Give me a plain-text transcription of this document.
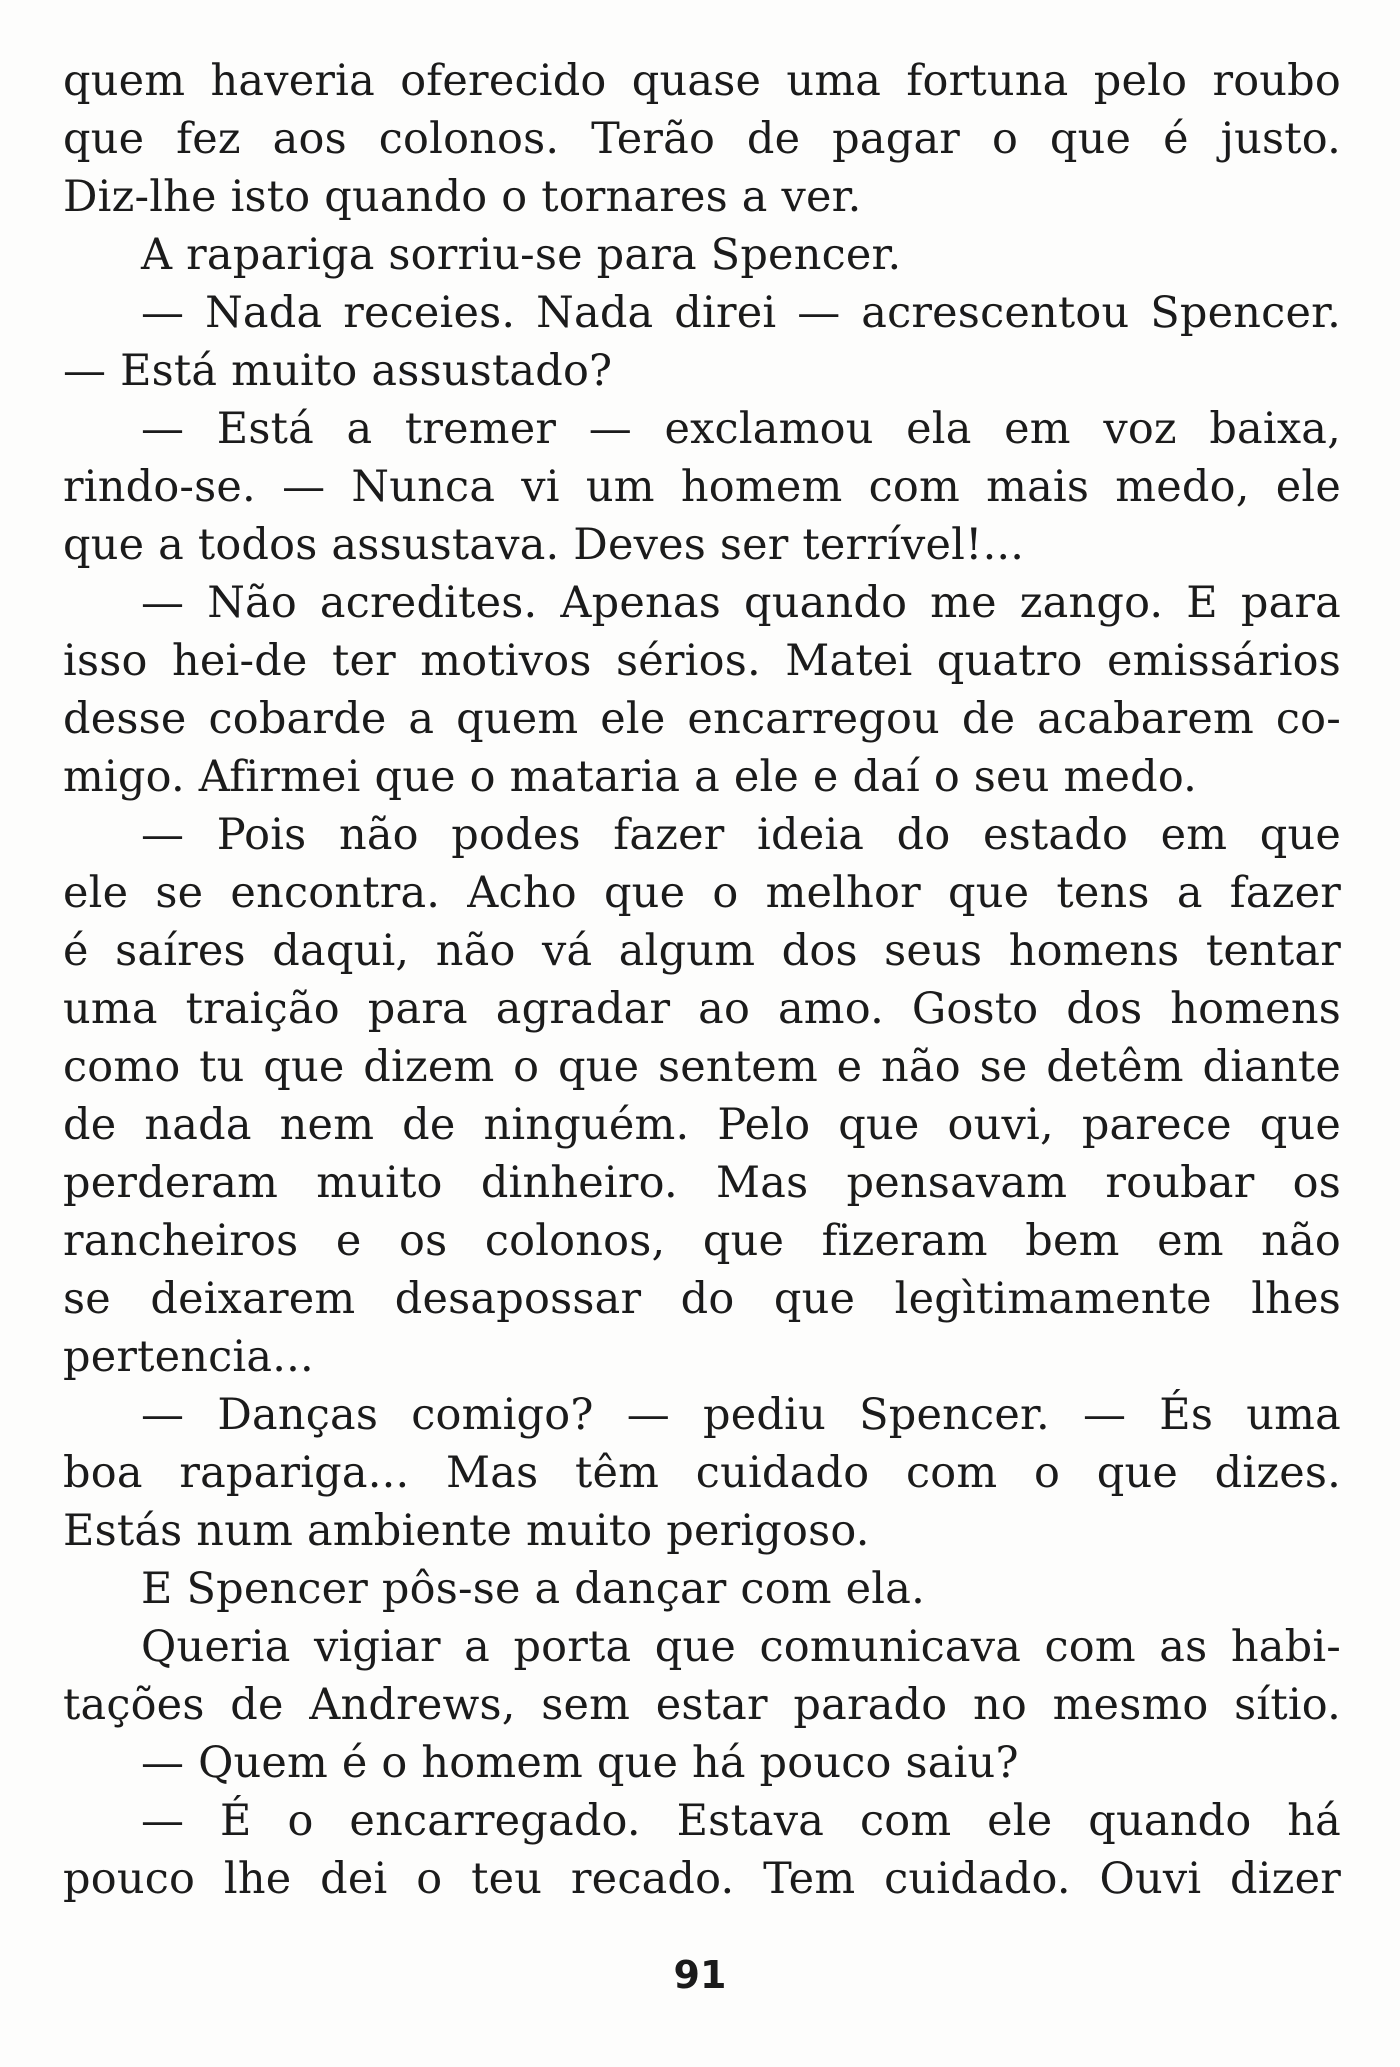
quem haveria oferecido quase uma fortuna pelo roubo
que fez aos colonos. Terão de pagar o que é justo.
Diz-lhe isto quando o tornares a ver.
A rapariga sorriu-se para Spencer.
— Nada receies. Nada direi — acrescentou Spencer.
— Está muito assustado?
— Está a tremer — exclamou ela em voz baixa,
rindo-se. — Nunca vi um homem com mais medo, ele
que a todos assustava. Deves ser terrível!...
— Não acredites. Apenas quando me zango. E para
isso hei-de ter motivos sérios. Matei quatro emissários
desse cobarde a quem ele encarregou de acabarem co-
migo. Afirmei que o mataria a ele e daí o seu medo.
— Pois não podes fazer ideia do estado em que
ele se encontra. Acho que o melhor que tens a fazer
é saíres daqui, não vá algum dos seus homens tentar
uma traição para agradar ao amo. Gosto dos homens
como tu que dizem o que sentem e não se detêm diante
de nada nem de ninguém. Pelo que ouvi, parece que
perderam muito dinheiro. Mas pensavam roubar os
rancheiros e os colonos, que fizeram bem em não
se deixarem desapossar do que legìtimamente lhes
pertencia...
— Danças comigo? — pediu Spencer. — És uma
boa rapariga... Mas têm cuidado com o que dizes.
Estás num ambiente muito perigoso.
E Spencer pôs-se a dançar com ela.
Queria vigiar a porta que comunicava com as habi-
tações de Andrews, sem estar parado no mesmo sítio.
— Quem é o homem que há pouco saiu?
— É o encarregado. Estava com ele quando há
pouco lhe dei o teu recado. Tem cuidado. Ouvi dizer
91
